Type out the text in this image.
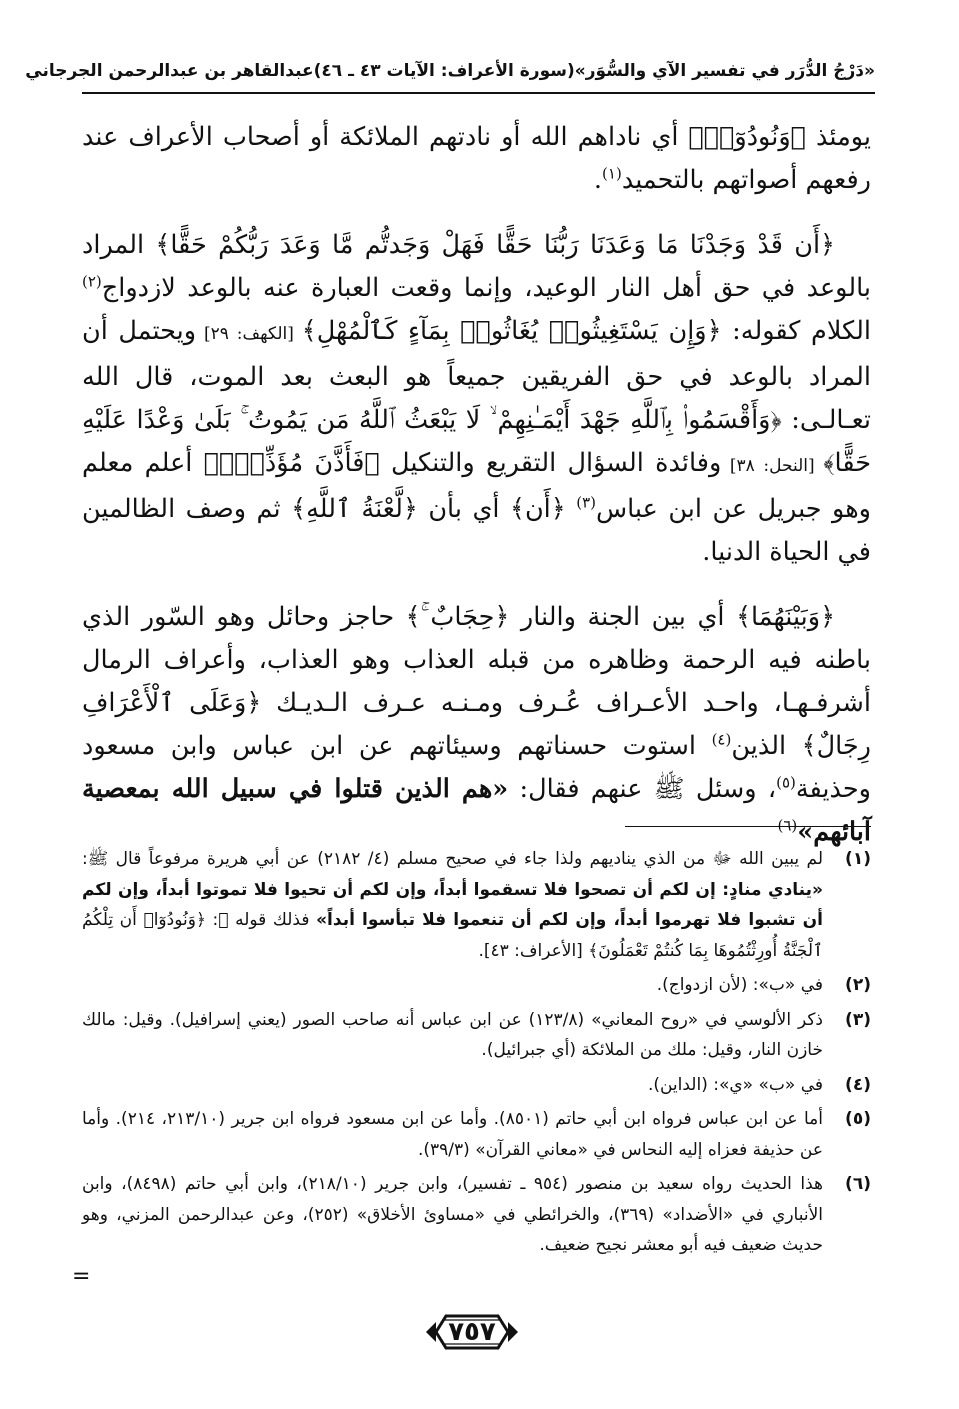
«دَرْجُ الدُّرَر في تفسير الآي والسُّوَر»
(سورة الأعراف: الآيات ٤٣ ـ ٤٦)
عبدالقاهر بن عبدالرحمن الجرجاني

يومئذ ﴿وَنُودُوٓا۟﴾ أي ناداهم الله أو نادتهم الملائكة أو أصحاب الأعراف عند رفعهم أصواتهم بالتحميد$^{(١)}$.

﴿أَن قَدْ وَجَدْنَا مَا وَعَدَنَا رَبُّنَا حَقًّا فَهَلْ وَجَدتُّم مَّا وَعَدَ رَبُّكُمْ حَقًّا﴾ المراد بالوعد في حق أهل النار الوعيد، وإنما وقعت العبارة عنه بالوعد لازدواج$^{(٢)}$ الكلام كقوله: ﴿وَإِن يَسْتَغِيثُوا۟ يُغَاثُوا۟ بِمَآءٍ كَٱلْمُهْلِ﴾ [الكهف: ٢٩] ويحتمل أن المراد بالوعد في حق الفريقين جميعاً هو البعث بعد الموت، قال الله تعـالـى: ﴿وَأَقْسَمُوا۟ بِٱللَّهِ جَهْدَ أَيْمَـٰنِهِمْ ۙ لَا يَبْعَثُ ٱللَّهُ مَن يَمُوتُ ۚ بَلَىٰ وَعْدًا عَلَيْهِ حَقًّا﴾ [النحل: ٣٨] وفائدة السؤال التقريع والتنكيل ﴿فَأَذَّنَ مُؤَذِّنٌۢ﴾ أعلم معلم وهو جبريل عن ابن عباس$^{(٣)}$ ﴿أَن﴾ أي بأن ﴿لَّعْنَةُ ٱللَّهِ﴾ ثم وصف الظالمين في الحياة الدنيا.

﴿وَبَيْنَهُمَا﴾ أي بين الجنة والنار ﴿حِجَابٌ ۚ﴾ حاجز وحائل وهو السّور الذي باطنه فيه الرحمة وظاهره من قبله العذاب وهو العذاب، وأعراف الرمال أشرفـهـا، واحـد الأعـراف عُـرف ومـنـه عـرف الـديـك ﴿وَعَلَى ٱلْأَعْرَافِ رِجَالٌ﴾ الذين$^{(٤)}$ استوت حسناتهم وسيئاتهم عن ابن عباس وابن مسعود وحذيفة$^{(٥)}$، وسئل ﷺ عنهم فقال: «هم الذين قتلوا في سبيل الله بمعصية آبائهم»$^{(٦)}$

(١)
لم يبين الله ﷻ من الذي يناديهم ولذا جاء في صحيح مسلم (٤/ ٢١٨٢) عن أبي هريرة مرفوعاً قال ﷺ: «ينادي منادٍ: إن لكم أن تصحوا فلا تسقموا أبداً، وإن لكم أن تحيوا فلا تموتوا أبداً، وإن لكم أن تشبوا فلا تهرموا أبداً، وإن لكم أن تنعموا فلا تبأسوا أبداً» فذلك قوله ﷻ: ﴿وَنُودُوٓا۟ أَن تِلْكُمُ ٱلْجَنَّةُ أُورِثْتُمُوهَا بِمَا كُنتُمْ تَعْمَلُونَ﴾ [الأعراف: ٤٣].
(٢)
في «ب»: (لأن ازدواج).
(٣)
ذكر الألوسي في «روح المعاني» (١٢٣/٨) عن ابن عباس أنه صاحب الصور (يعني إسرافيل). وقيل: مالك خازن النار، وقيل: ملك من الملائكة (أي جبرائيل).
(٤)
في «ب» «ي»: (الداين).
(٥)
أما عن ابن عباس فرواه ابن أبي حاتم (٨٥٠١). وأما عن ابن مسعود فرواه ابن جرير (٢١٣/١٠، ٢١٤). وأما عن حذيفة فعزاه إليه النحاس في «معاني القرآن» (٣٩/٣).
(٦)
هذا الحديث رواه سعيد بن منصور (٩٥٤ ـ تفسير)، وابن جرير (٢١٨/١٠)، وابن أبي حاتم (٨٤٩٨)، وابن الأنباري في «الأضداد» (٣٦٩)، والخرائطي في «مساوئ الأخلاق» (٢٥٢)، وعن عبدالرحمن المزني، وهو حديث ضعيف فيه أبو معشر نجيح ضعيف.
=
٧٥٧
